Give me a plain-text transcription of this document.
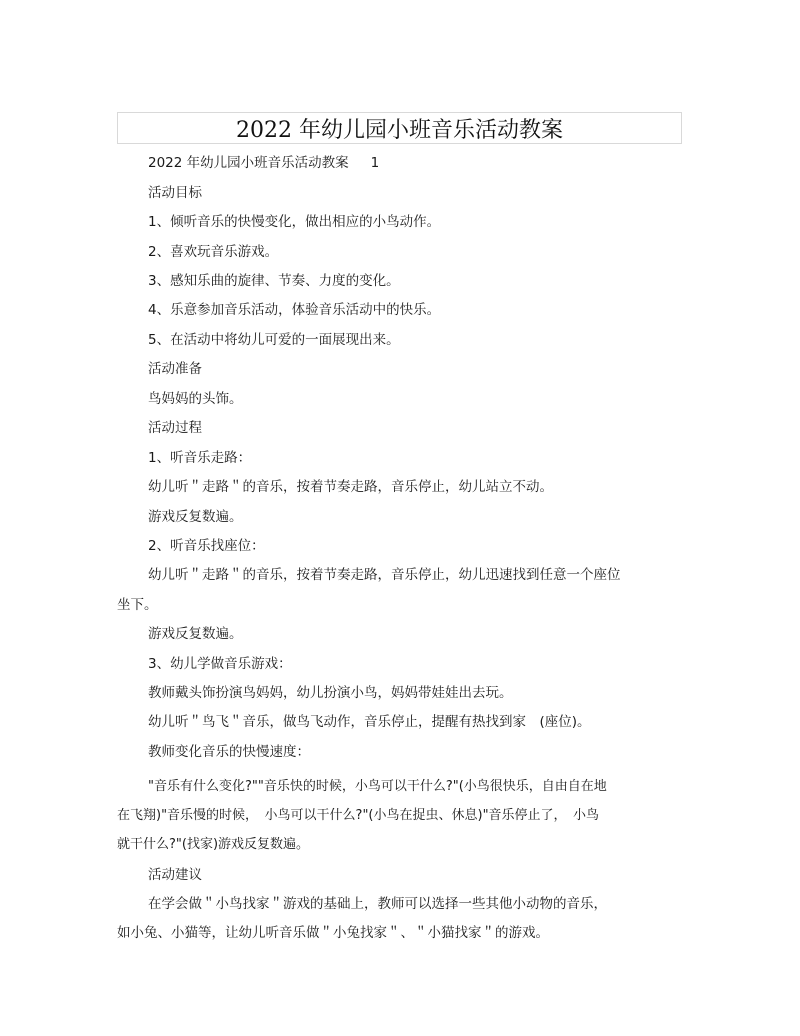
2022 年幼儿园小班音乐活动教案
2022 年幼儿园小班音乐活动教案 1
活动目标
1、倾听音乐的快慢变化，做出相应的小鸟动作。
2、喜欢玩音乐游戏。
3、感知乐曲的旋律、节奏、力度的变化。
4、乐意参加音乐活动，体验音乐活动中的快乐。
5、在活动中将幼儿可爱的一面展现出来。
活动准备
鸟妈妈的头饰。
活动过程
1、听音乐走路：
幼儿听＂走路＂的音乐，按着节奏走路，音乐停止，幼儿站立不动。
游戏反复数遍。
2、听音乐找座位：
幼儿听＂走路＂的音乐，按着节奏走路，音乐停止，幼儿迅速找到任意一个座位
坐下。
游戏反复数遍。
3、幼儿学做音乐游戏：
教师戴头饰扮演鸟妈妈，幼儿扮演小鸟，妈妈带娃娃出去玩。
幼儿听＂鸟飞＂音乐，做鸟飞动作，音乐停止，提醒有热找到家　(座位)。
教师变化音乐的快慢速度：
"音乐有什么变化?""音乐快的时候，小鸟可以干什么?"(小鸟很快乐，自由自在地
在飞翔)"音乐慢的时候，　小鸟可以干什么?"(小鸟在捉虫、休息)"音乐停止了，　小鸟
就干什么?"(找家)游戏反复数遍。
活动建议
在学会做＂小鸟找家＂游戏的基础上，教师可以选择一些其他小动物的音乐，
如小兔、小猫等，让幼儿听音乐做＂小兔找家＂、＂小猫找家＂的游戏。
